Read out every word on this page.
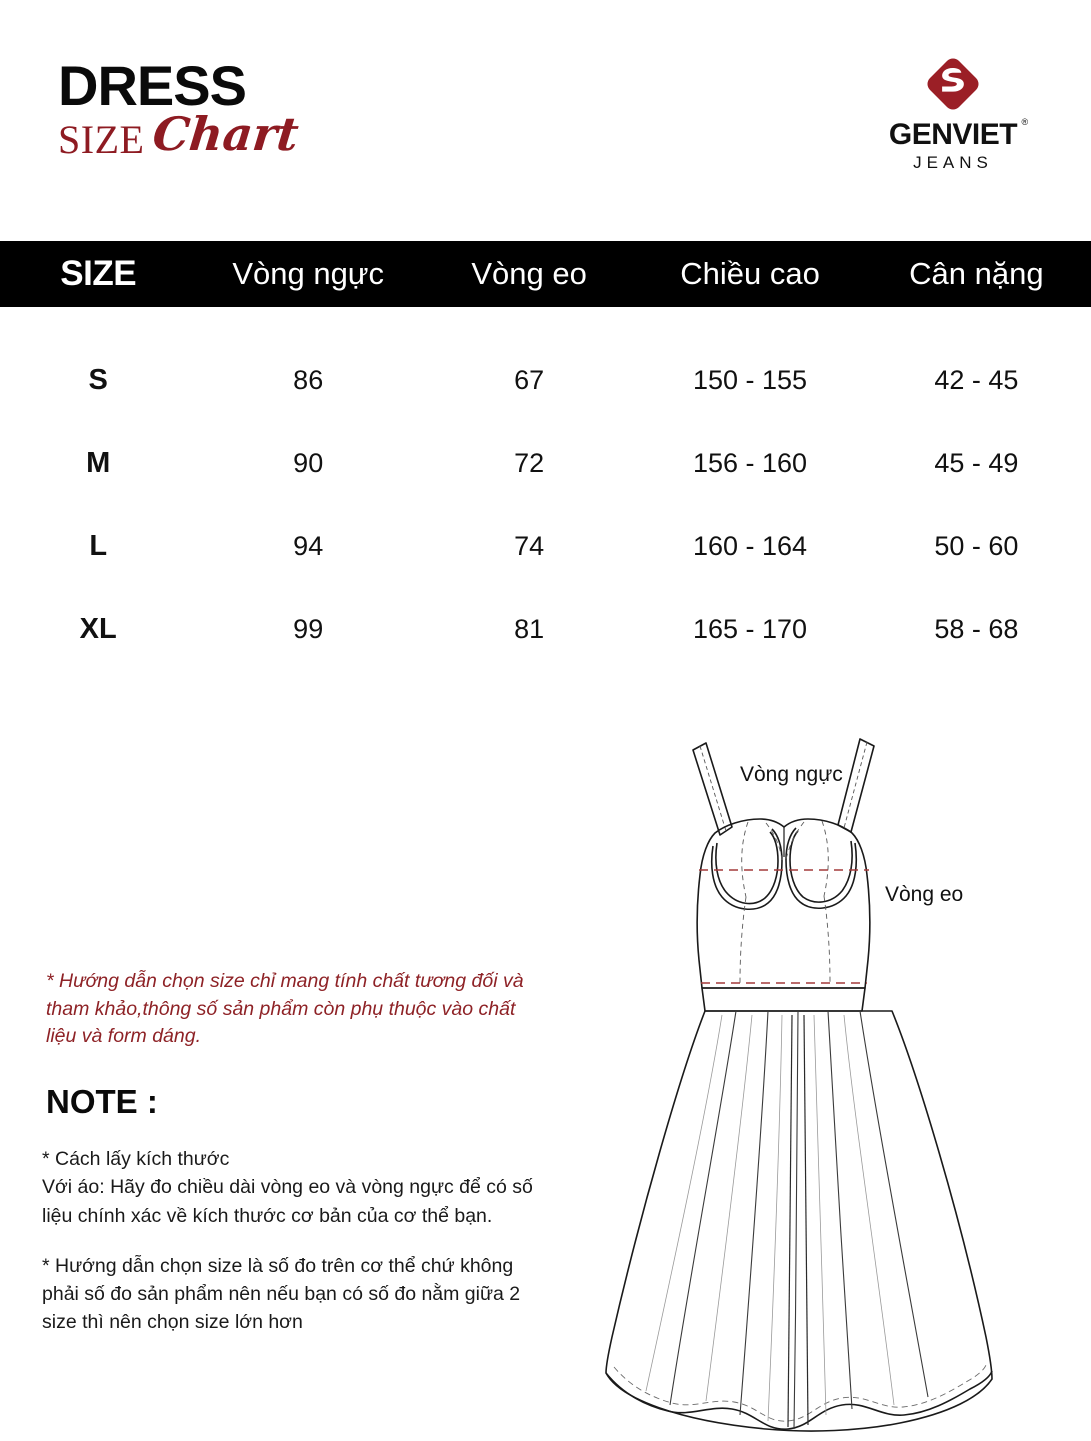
DRESS
SIZE Chart	GENVIET ®
JEANS
SIZE	Vòng ngực	Vòng eo	Chiều cao	Cân nặng
S	86	67	150 - 155	42 - 45
M	90	72	156 - 160	45 - 49
L	94	74	160 - 164	50 - 60
XL	99	81	165 - 170	58 - 68
* Hướng dẫn chọn size chỉ mang tính chất tương đối và tham khảo,thông số sản phẩm còn phụ thuộc vào chất liệu và form dáng.
NOTE :

* Cách lấy kích thước

Với áo: Hãy đo chiều dài vòng eo và vòng ngực để có số liệu chính xác về kích thước cơ bản của cơ thể bạn.

* Hướng dẫn chọn size là số đo trên cơ thể chứ không phải số đo sản phẩm nên nếu bạn có số đo nằm giữa 2 size thì nên chọn size lớn hơn

Vòng ngực
Vòng eo
